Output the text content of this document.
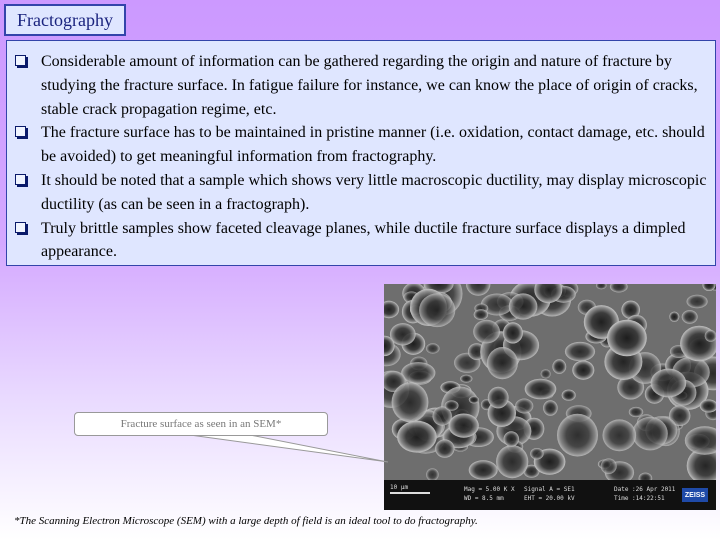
Fractography
Considerable amount of information can be gathered regarding the origin and nature of fracture by studying the fracture surface. In fatigue failure for instance, we can know the place of origin of cracks, stable crack propagation regime, etc.
The fracture surface has to be maintained in pristine manner (i.e. oxidation, contact damage, etc. should be avoided) to get meaningful information from fractography.
It should be noted that a sample which shows very little macroscopic ductility, may display microscopic ductility (as can be seen in a fractograph).
Truly brittle samples show faceted cleavage planes, while ductile fracture surface displays a dimpled appearance.
10 µm	Mag = 5.00 K X
WD = 8.5 mm
Signal A = SE1
EHT = 20.00 kV
Date :26 Apr 2011
Time :14:22:51	ZEISS
Fracture surface as seen in an SEM*
*The Scanning Electron Microscope (SEM) with a large depth of field is an ideal tool to do fractography.
